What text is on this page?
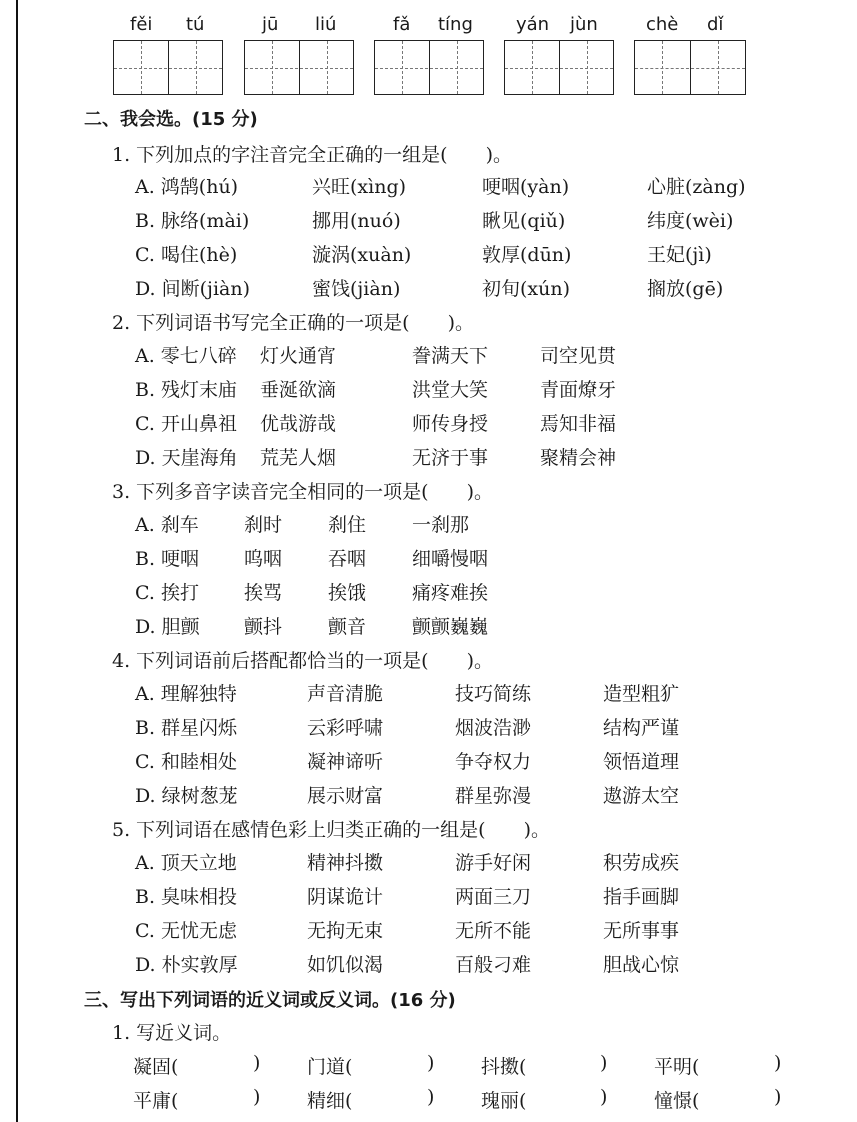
fěi tú	jū liú	fǎ tíng yán jùn	chè dǐ
二、我会选。(15 分)
1. 下列加点的字注音完全正确的一组是(　　)。
A. 鸿鹄(hú)	兴旺(xìng)	哽咽(yàn)	心脏(zàng)
B. 脉络(mài)	挪用(nuó)	瞅见(qiǔ)	纬度(wèi)
C. 喝住(hè)	漩涡(xuàn)	敦厚(dūn)	王妃(jì)
D. 间断(jiàn)	蜜饯(jiàn)	初旬(xún)	搁放(gē)
2. 下列词语书写完全正确的一项是(　　)。
A. 零七八碎 灯火通宵	誊满天下	司空见贯
B. 残灯末庙 垂涎欲滴	洪堂大笑	青面燎牙
C. 开山鼻祖 优哉游哉	师传身授	焉知非福
D. 天崖海角 荒芜人烟	无济于事	聚精会神
3. 下列多音字读音完全相同的一项是(　　)。
A. 刹车 刹时 刹住 一刹那
B. 哽咽 呜咽 吞咽 细嚼慢咽
C. 挨打 挨骂 挨饿 痛疼难挨
D. 胆颤 颤抖 颤音 颤颤巍巍
4. 下列词语前后搭配都恰当的一项是(　　)。
A. 理解独特	声音清脆	技巧简练	造型粗犷
B. 群星闪烁	云彩呼啸	烟波浩渺	结构严谨
C. 和睦相处	凝神谛听	争夺权力	领悟道理
D. 绿树葱茏	展示财富	群星弥漫	遨游太空
5. 下列词语在感情色彩上归类正确的一组是(　　)。
A. 顶天立地	精神抖擞	游手好闲	积劳成疾
B. 臭味相投	阴谋诡计	两面三刀	指手画脚
C. 无忧无虑	无拘无束	无所不能	无所事事
D. 朴实敦厚	如饥似渴	百般刁难	胆战心惊
三、写出下列词语的近义词或反义词。(16 分)
1. 写近义词。
凝固(	) 门道(	) 抖擞(	) 平明(	)
平庸(	) 精细(	) 瑰丽(	) 憧憬(	)
